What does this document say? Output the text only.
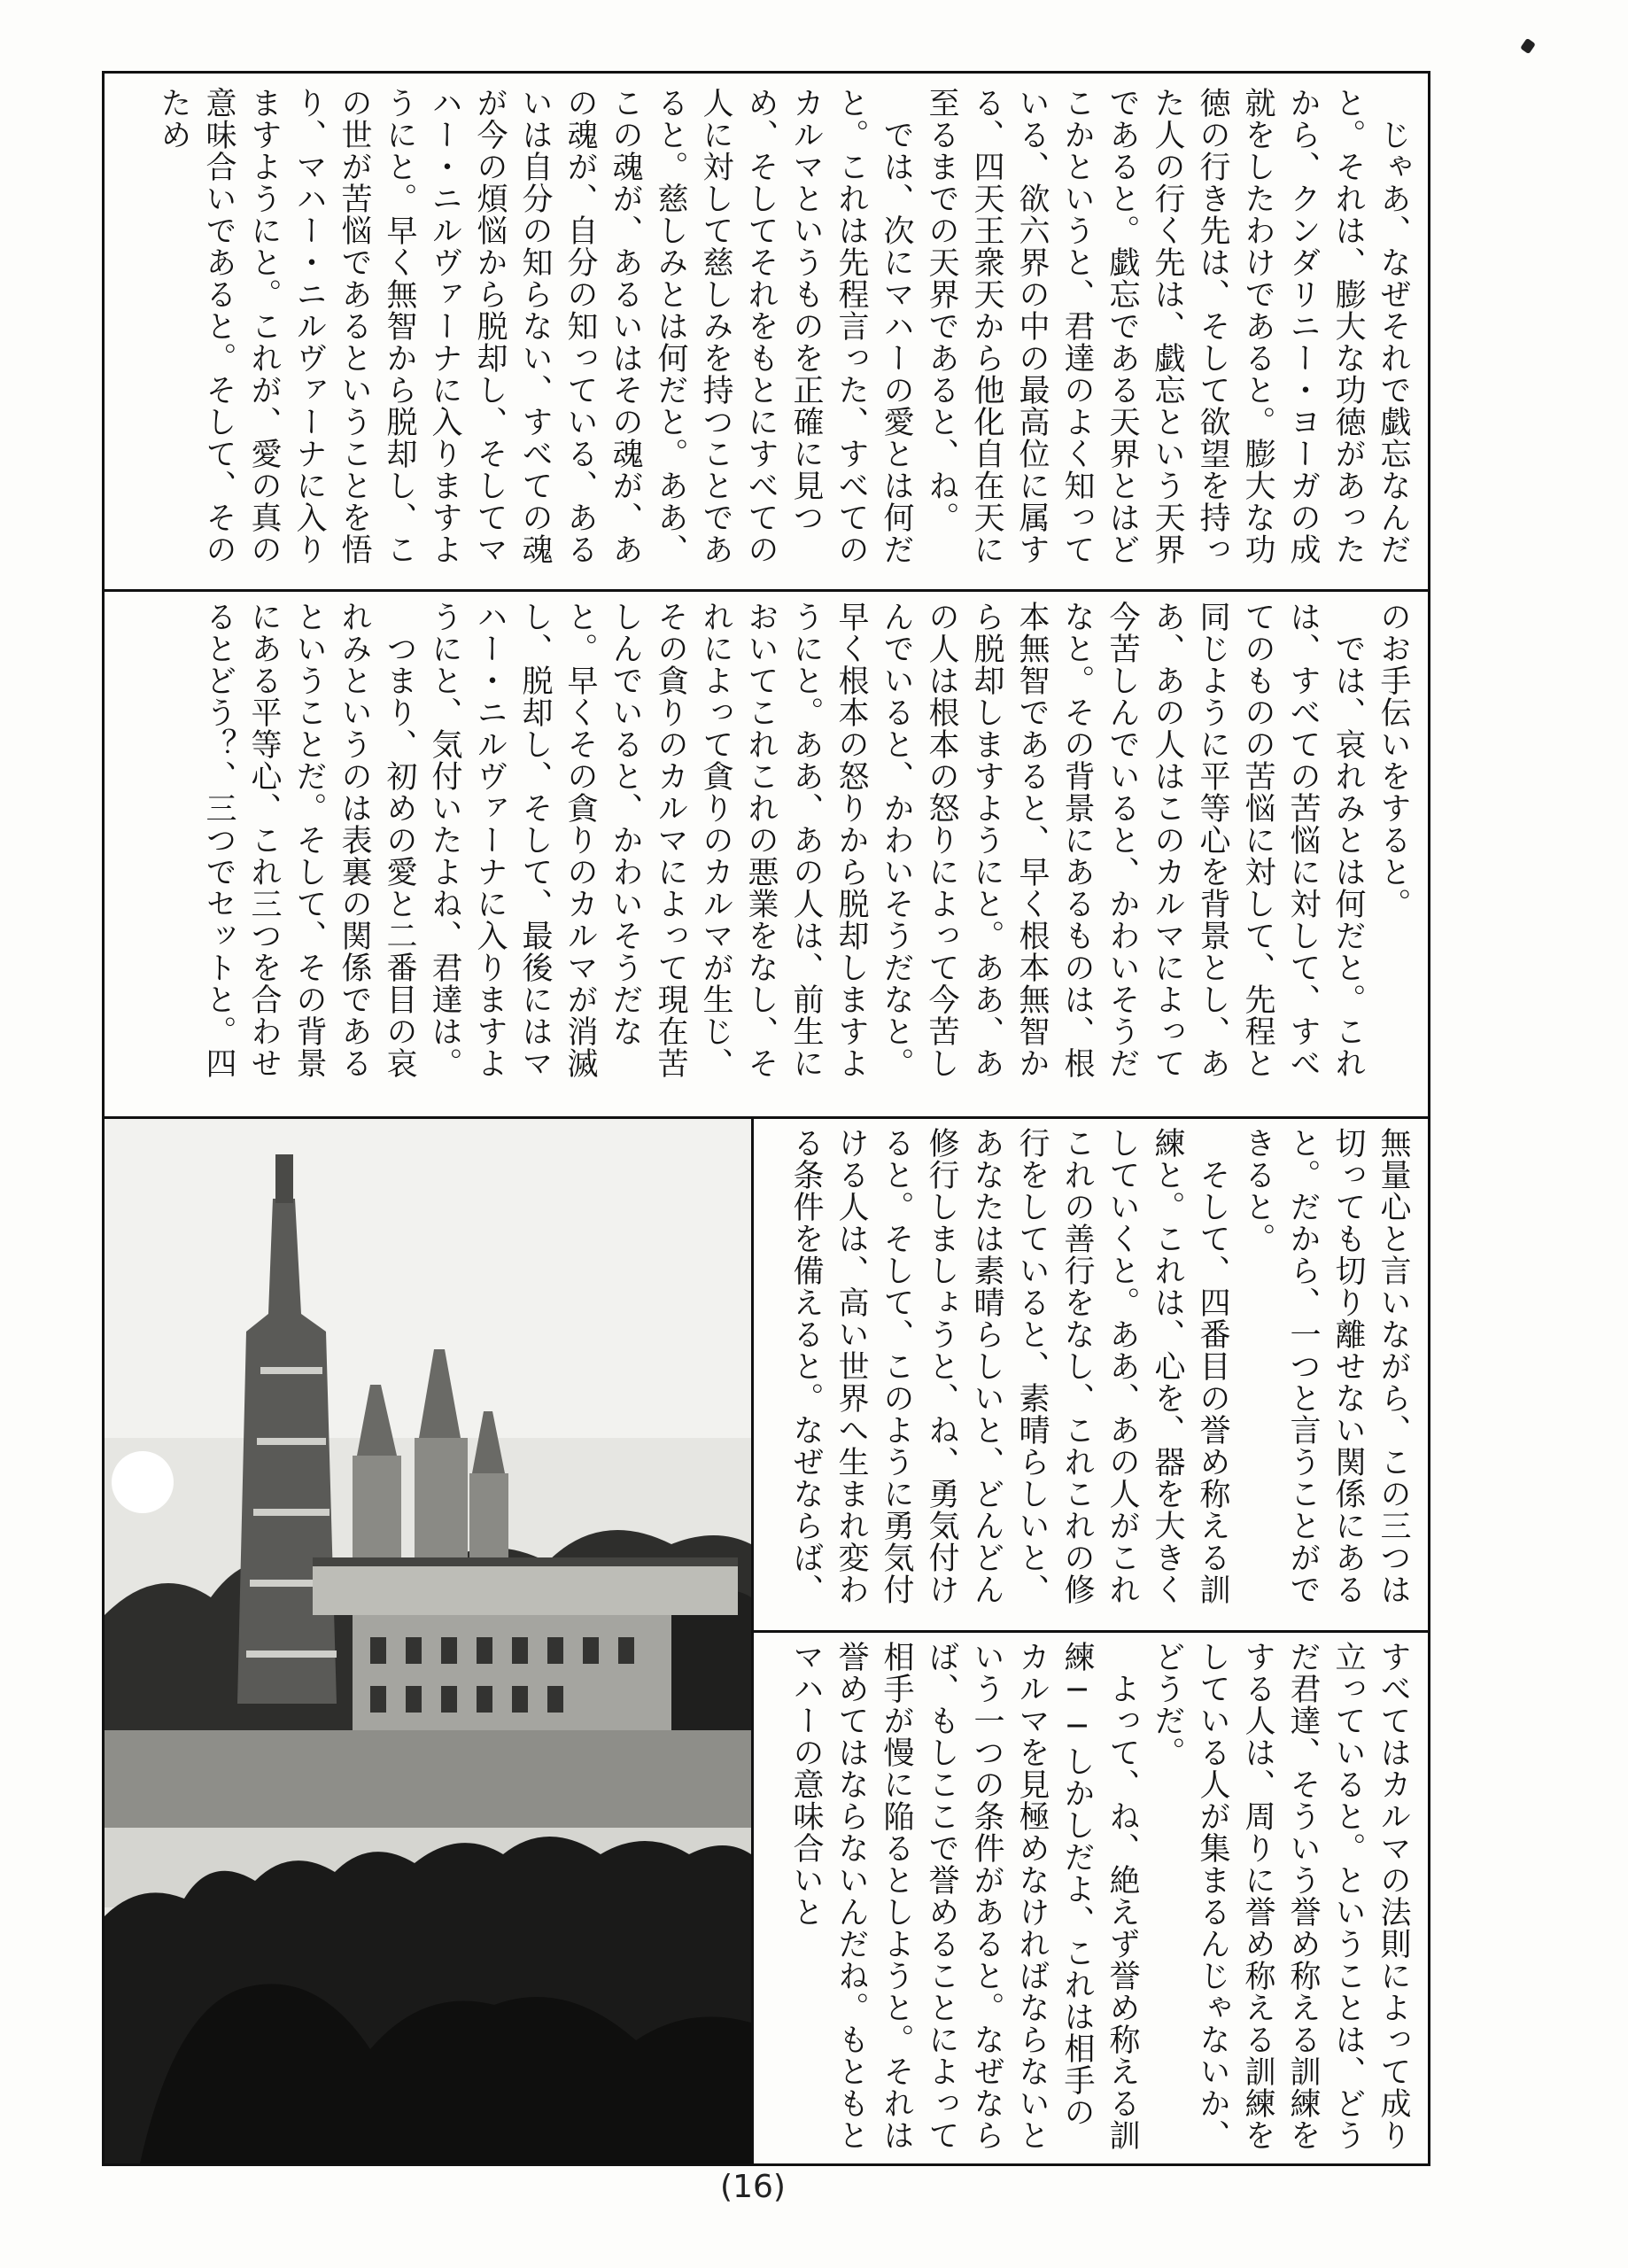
　じゃあ、なぜそれで戯忘なんだと。それは、膨大な功徳があったから、クンダリニー・ヨーガの成就をしたわけであると。膨大な功徳の行き先は、そして欲望を持った人の行く先は、戯忘という天界であると。戯忘である天界とはどこかというと、君達のよく知っている、欲六界の中の最高位に属する、四天王衆天から他化自在天に至るまでの天界であると、ね。
　では、次にマハーの愛とは何だと。これは先程言った、すべてのカルマというものを正確に見つめ、そしてそれをもとにすべての人に対して慈しみを持つことであると。慈しみとは何だと。ああ、この魂が、あるいはその魂が、あの魂が、自分の知っている、あるいは自分の知らない、すべての魂が今の煩悩から脱却し、そしてマハー・ニルヴァーナに入りますようにと。早く無智から脱却し、この世が苦悩であるということを悟り、マハー・ニルヴァーナに入りますようにと。これが、愛の真の意味合いであると。そして、そのため
のお手伝いをすると。
　では、哀れみとは何だと。これは、すべての苦悩に対して、すべてのものの苦悩に対して、先程と同じように平等心を背景とし、ああ、あの人はこのカルマによって今苦しんでいると、かわいそうだなと。その背景にあるものは、根本無智であると、早く根本無智から脱却しますようにと。ああ、あの人は根本の怒りによって今苦しんでいると、かわいそうだなと。早く根本の怒りから脱却しますようにと。ああ、あの人は、前生においてこれこれの悪業をなし、それによって貪りのカルマが生じ、その貪りのカルマによって現在苦しんでいると、かわいそうだなと。早くその貪りのカルマが消滅し、脱却し、そして、最後にはマハー・ニルヴァーナに入りますようにと、気付いたよね、君達は。
　つまり、初めの愛と二番目の哀れみというのは表裏の関係であるということだ。そして、その背景にある平等心、これ三つを合わせるとどう？、三つでセットと。四
無量心と言いながら、この三つは切っても切り離せない関係にあると。だから、一つと言うことができると。
　そして、四番目の誉め称える訓練と。これは、心を、器を大きくしていくと。ああ、あの人がこれこれの善行をなし、これこれの修行をしていると、素晴らしいと、あなたは素晴らしいと、どんどん修行しましょうと、ね、勇気付けると。そして、このように勇気付ける人は、高い世界へ生まれ変わる条件を備えると。なぜならば、
すべてはカルマの法則によって成り立っていると。ということは、どうだ君達、そういう誉め称える訓練をする人は、周りに誉め称える訓練をしている人が集まるんじゃないか、どうだ。
　よって、ね、絶えず誉め称える訓練──しかしだよ、これは相手のカルマを見極めなければならないという一つの条件があると。なぜならば、もしここで誉めることによって相手が慢に陥るとしようと。それは誉めてはならないんだね。もともとマハーの意味合いと
(16)
